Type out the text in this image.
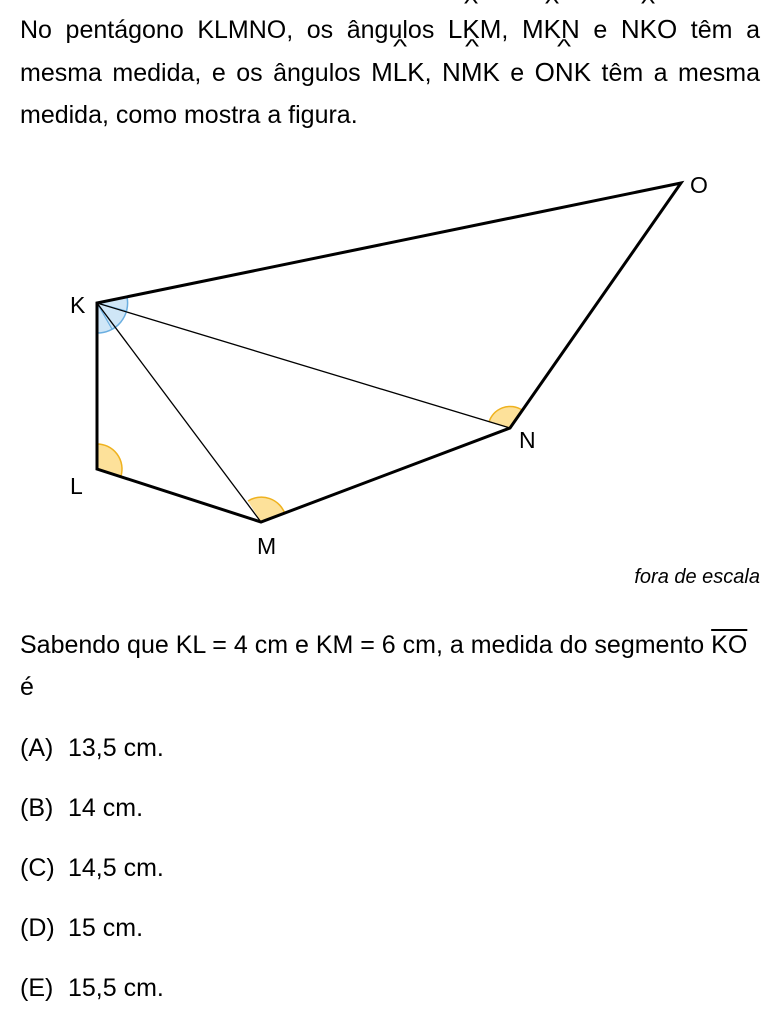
No pentágono KLMNO, os ângulos L^ KM, M^ KN e N^ KO têm a mesma medida, e os ângulos M^ LK, N^ MK e O^ NK têm a mesma medida, como mostra a figura.
K
L
M
N
O
fora de escala
Sabendo que KL = 4 cm e KM = 6 cm, a medida do segmento $\overline{KO}$ é
(A) 13,5 cm.
(B) 14 cm.
(C) 14,5 cm.
(D) 15 cm.
(E) 15,5 cm.
